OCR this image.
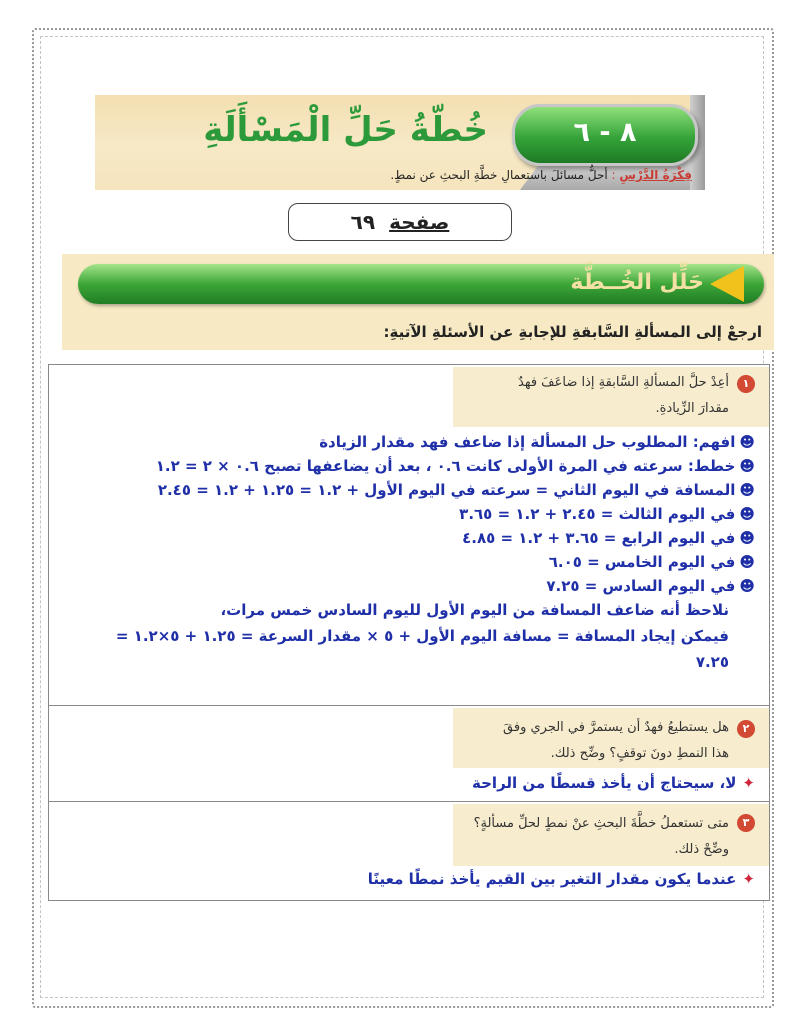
٨ - ٦
خُطّةُ حَلِّ الْمَسْأَلَةِ
فِكْرَةُ الدَّرْسِ : أحلُّ مسائلَ باستعمالِ خطَّةِ البحثِ عن نمطٍ.
صفحة٦٩
حَلِّل الخُــطَّة
ارجعْ إلى المسألةِ السَّابقةِ للإجابةِ عن الأسئلةِ الآتيةِ:
١
أعِدْ حلَّ المسألةِ السَّابقةِ إذا ضاعَفَ فهدٌ
مقدارَ الزِّيادةِ.
☻افهم: المطلوب حل المسألة إذا ضاعف فهد مقدار الزيادة
☻خطط: سرعته في المرة الأولى كانت ٠.٦ ، بعد أن يضاعفها تصبح ٠.٦ × ٢ = ١.٢
☻المسافة في اليوم الثاني = سرعته في اليوم الأول + ١.٢ = ١.٢٥ + ١.٢ = ٢.٤٥
☻في اليوم الثالث = ٢.٤٥ + ١.٢ = ٣.٦٥
☻في اليوم الرابع = ٣.٦٥ + ١.٢ = ٤.٨٥
☻في اليوم الخامس = ٦.٠٥
☻في اليوم السادس = ٧.٢٥
نلاحظ أنه ضاعف المسافة من اليوم الأول لليوم السادس خمس مرات،
فيمكن إيجاد المسافة = مسافة اليوم الأول + ٥ × مقدار السرعة = ١.٢٥ + ٥×١.٢ =
٧.٢٥
٢
هل يستطيعُ فهدٌ أن يستمرَّ في الجري وفقَ
هذا النمطِ دونَ توقفٍ؟ وضِّح ذلك.
✦لا، سيحتاج أن يأخذ قسطًا من الراحة
٣
متى تستعملُ خطَّةَ البحثِ عنْ نمطٍ لحلِّ مسألةٍ؟
وضِّحْ ذلك.
✦عندما يكون مقدار التغير بين القيم يأخذ نمطًا معينًا
